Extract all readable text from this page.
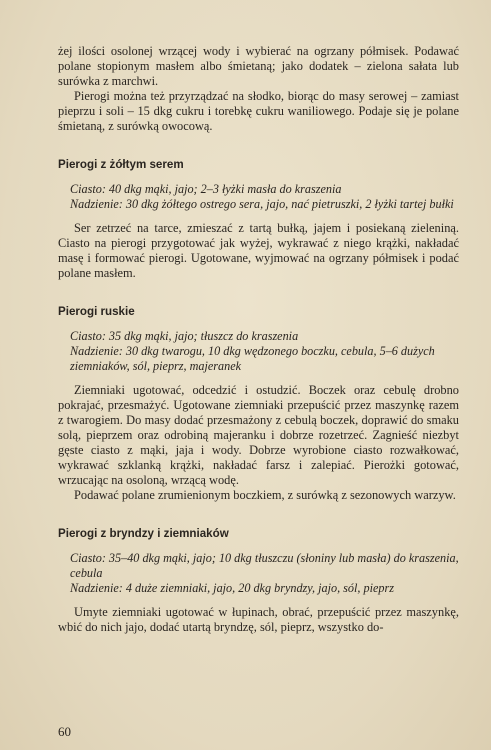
żej ilości osolonej wrzącej wody i wybierać na ogrzany półmisek. Podawać polane stopionym masłem albo śmietaną; jako dodatek – zielona sałata lub surówka z marchwi.

Pierogi można też przyrządzać na słodko, biorąc do masy serowej – zamiast pieprzu i soli – 15 dkg cukru i torebkę cukru waniliowego. Podaje się je polane śmietaną, z surówką owocową.

Pierogi z żółtym serem

Ciasto: 40 dkg mąki, jajo; 2–3 łyżki masła do kraszenia

Nadzienie: 30 dkg żółtego ostrego sera, jajo, nać pietruszki, 2 łyżki tartej bułki

Ser zetrzeć na tarce, zmieszać z tartą bułką, jajem i posiekaną zieleniną. Ciasto na pierogi przygotować jak wyżej, wykrawać z niego krążki, nakładać masę i formować pierogi. Ugotowane, wyjmować na ogrzany półmisek i podać polane masłem.

Pierogi ruskie

Ciasto: 35 dkg mąki, jajo; tłuszcz do kraszenia

Nadzienie: 30 dkg twarogu, 10 dkg wędzonego boczku, cebula, 5–6 dużych ziemniaków, sól, pieprz, majeranek

Ziemniaki ugotować, odcedzić i ostudzić. Boczek oraz cebulę drobno pokrajać, przesmażyć. Ugotowane ziemniaki przepuścić przez maszynkę razem z twarogiem. Do masy dodać przesmażony z cebulą boczek, doprawić do smaku solą, pieprzem oraz odrobiną majeranku i dobrze rozetrzeć. Zagnieść niezbyt gęste ciasto z mąki, jaja i wody. Dobrze wyrobione ciasto rozwałkować, wykrawać szklanką krążki, nakładać farsz i zalepiać. Pierożki gotować, wrzucając na osoloną, wrzącą wodę.

Podawać polane zrumienionym boczkiem, z surówką z sezonowych warzyw.

Pierogi z bryndzy i ziemniaków

Ciasto: 35–40 dkg mąki, jajo; 10 dkg tłuszczu (słoniny lub masła) do kraszenia, cebula

Nadzienie: 4 duże ziemniaki, jajo, 20 dkg bryndzy, jajo, sól, pieprz

Umyte ziemniaki ugotować w łupinach, obrać, przepuścić przez maszynkę, wbić do nich jajo, dodać utartą bryndzę, sól, pieprz, wszystko do-

60
